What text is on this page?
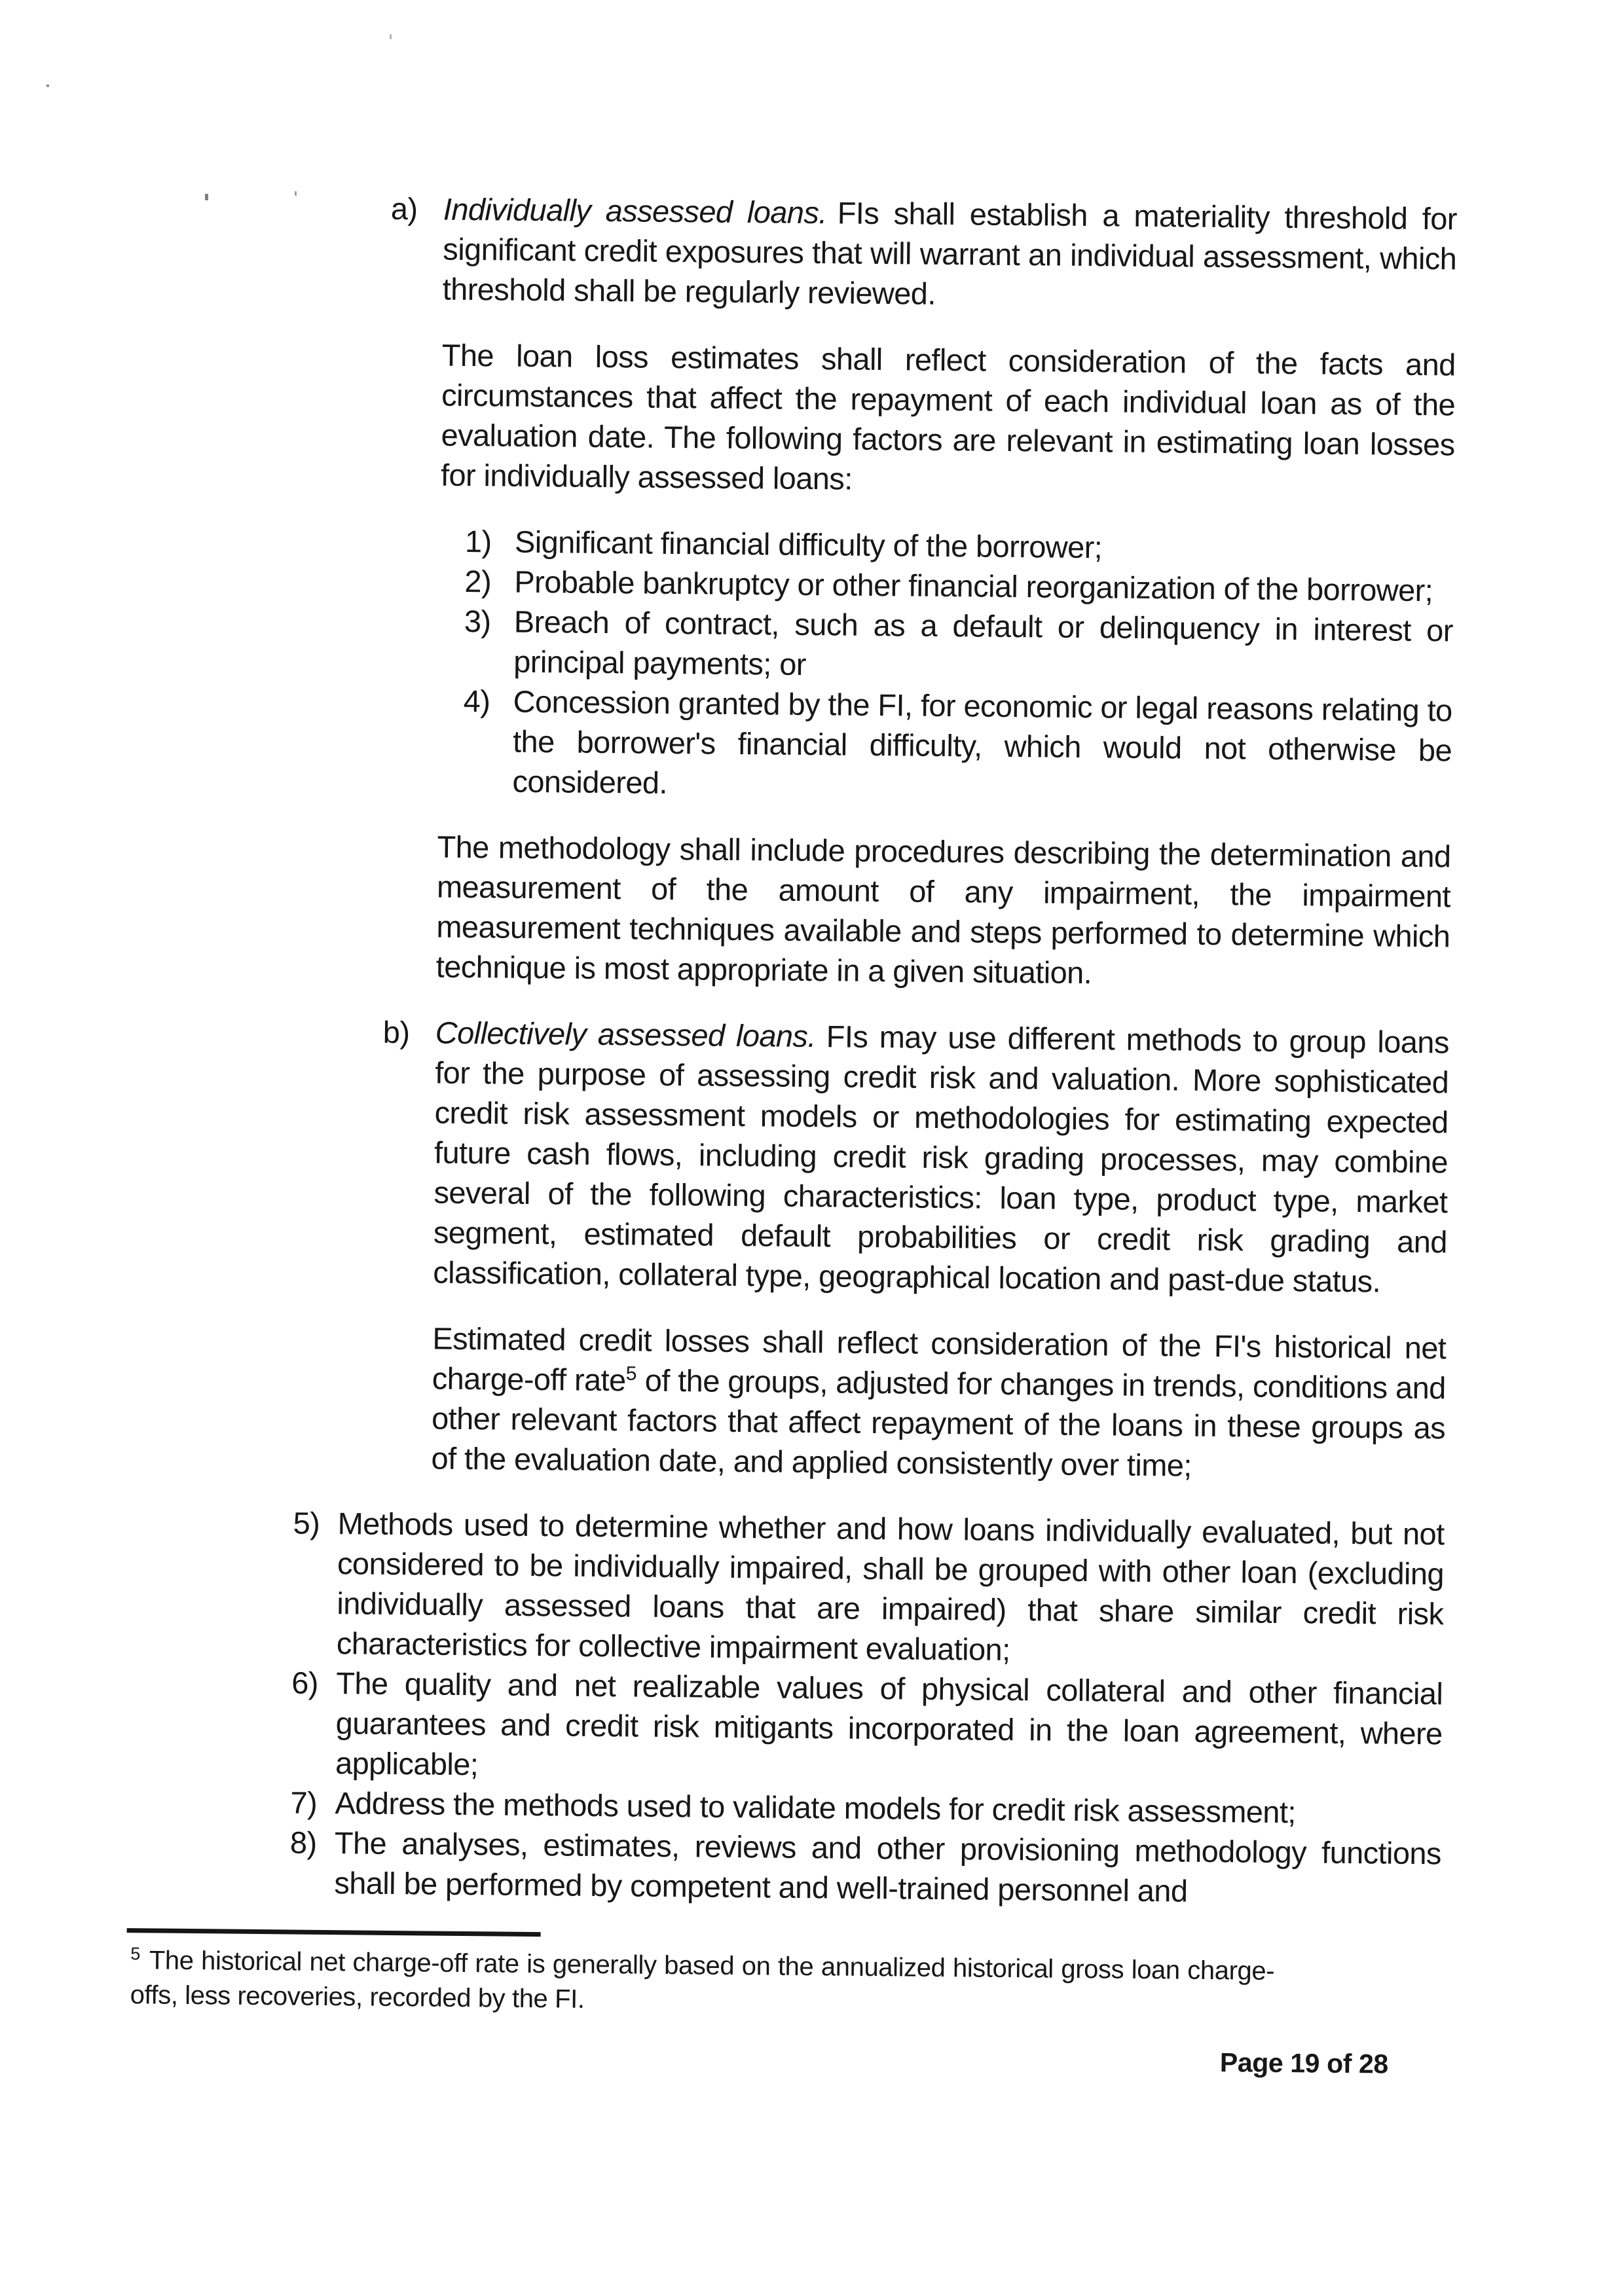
a) Individually assessed loans. FIs shall establish a materiality threshold for significant credit exposures that will warrant an individual assessment, which threshold shall be regularly reviewed.
The loan loss estimates shall reflect consideration of the facts and circumstances that affect the repayment of each individual loan as of the evaluation date. The following factors are relevant in estimating loan losses for individually assessed loans:
1) Significant financial difficulty of the borrower;
2) Probable bankruptcy or other financial reorganization of the borrower;
3) Breach of contract, such as a default or delinquency in interest or principal payments; or
4) Concession granted by the FI, for economic or legal reasons relating to the borrower's financial difficulty, which would not otherwise be considered.
The methodology shall include procedures describing the determination and measurement of the amount of any impairment, the impairment measurement techniques available and steps performed to determine which technique is most appropriate in a given situation.
b) Collectively assessed loans. FIs may use different methods to group loans for the purpose of assessing credit risk and valuation. More sophisticated credit risk assessment models or methodologies for estimating expected future cash flows, including credit risk grading processes, may combine several of the following characteristics: loan type, product type, market segment, estimated default probabilities or credit risk grading and classification, collateral type, geographical location and past-due status.
Estimated credit losses shall reflect consideration of the FI's historical net charge-off rate$^5$ of the groups, adjusted for changes in trends, conditions and other relevant factors that affect repayment of the loans in these groups as of the evaluation date, and applied consistently over time;
5) Methods used to determine whether and how loans individually evaluated, but not considered to be individually impaired, shall be grouped with other loan (excluding individually assessed loans that are impaired) that share similar credit risk characteristics for collective impairment evaluation;
6) The quality and net realizable values of physical collateral and other financial guarantees and credit risk mitigants incorporated in the loan agreement, where applicable;
7) Address the methods used to validate models for credit risk assessment;
8) The analyses, estimates, reviews and other provisioning methodology functions shall be performed by competent and well-trained personnel and
$^5$ The historical net charge-off rate is generally based on the annualized historical gross loan charge-offs, less recoveries, recorded by the FI.
Page 19 of 28
